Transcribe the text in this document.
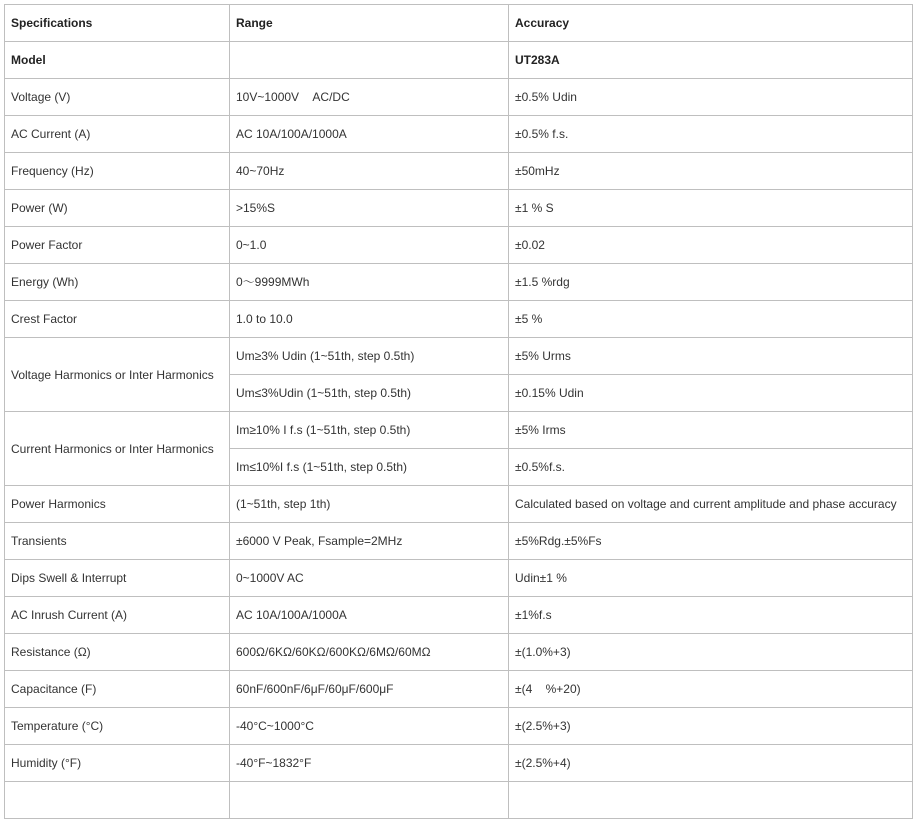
Specifications	Range	Accuracy
Model		UT283A
Voltage (V)	10V~1000V    AC/DC	±0.5% Udin
AC Current (A)	AC 10A/100A/1000A	±0.5% f.s.
Frequency (Hz)	40~70Hz	±50mHz
Power (W)	>15%S	±1 % S
Power Factor	0~1.0	±0.02
Energy (Wh)	0～9999MWh	±1.5 %rdg
Crest Factor	1.0 to 10.0	±5 %
Voltage Harmonics or Inter Harmonics	Um≥3% Udin (1~51th, step 0.5th)	±5% Urms
	Um≤3%Udin (1~51th, step 0.5th)	±0.15% Udin
Current Harmonics or Inter Harmonics	Im≥10% I f.s (1~51th, step 0.5th)	±5% Irms
	Im≤10%I f.s (1~51th, step 0.5th)	±0.5%f.s.
Power Harmonics	(1~51th, step 1th)	Calculated based on voltage and current amplitude and phase accuracy
Transients	±6000 V Peak, Fsample=2MHz	±5%Rdg.±5%Fs
Dips Swell & Interrupt	0~1000V AC	Udin±1 %
AC Inrush Current (A)	AC 10A/100A/1000A	±1%f.s
Resistance (Ω)	600Ω/6KΩ/60KΩ/600KΩ/6MΩ/60MΩ	±(1.0%+3)
Capacitance (F)	60nF/600nF/6μF/60μF/600μF	±(4    %+20)
Temperature (°C)	-40°C~1000°C	±(2.5%+3)
Humidity (°F)	-40°F~1832°F	±(2.5%+4)
